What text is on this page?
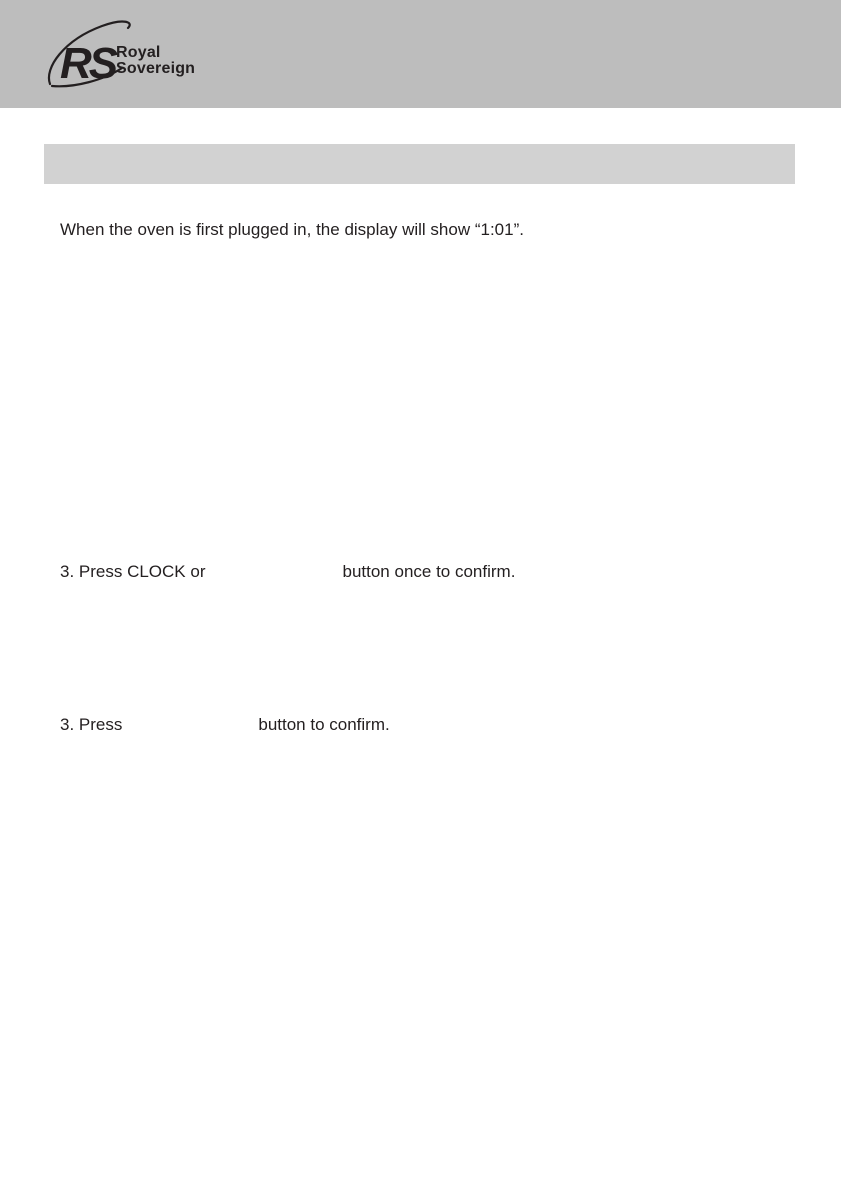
RS Royal
Sovereign
When the oven is first plugged in, the display will show “1:01”.
3. Press CLOCK or	button once to confirm.
3. Press	button to confirm.
